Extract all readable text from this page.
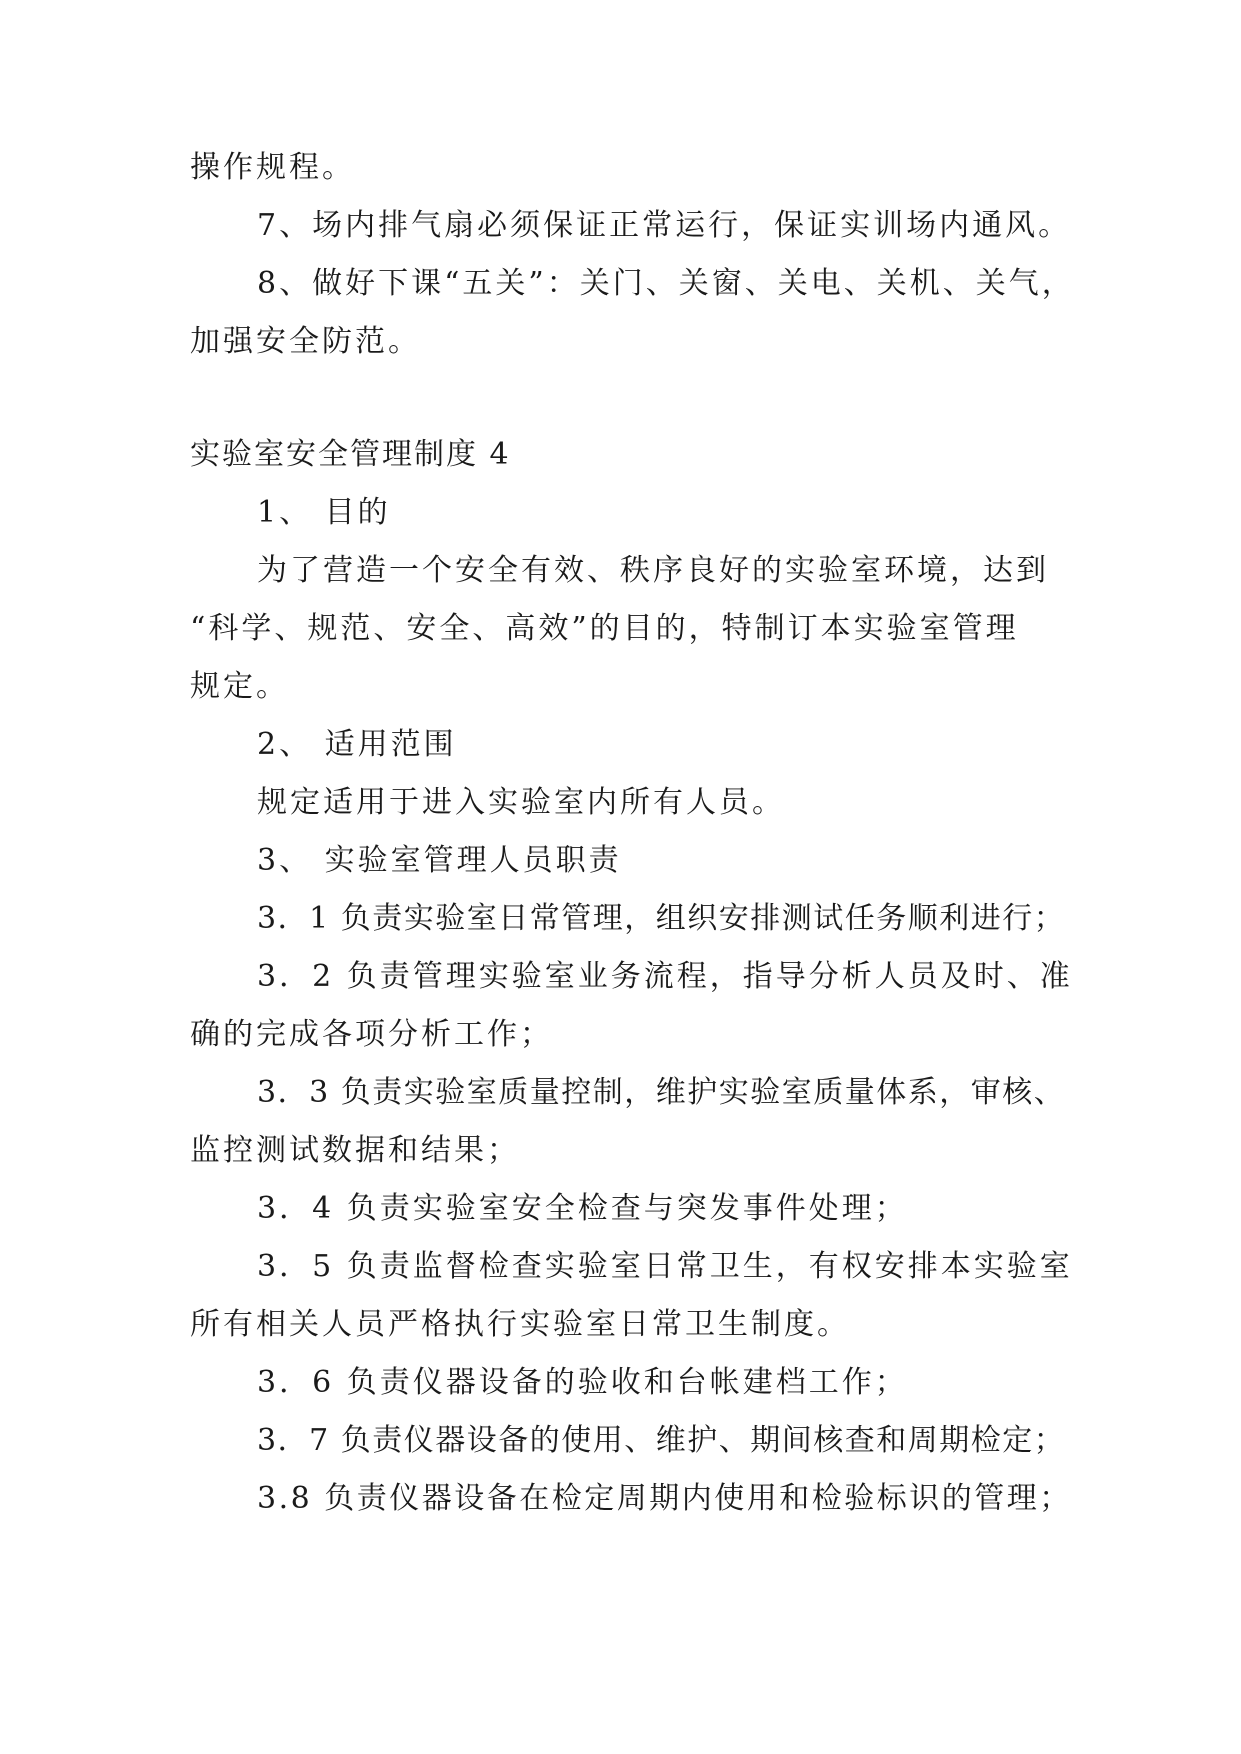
操作规程。
7、场内排气扇必须保证正常运行，保证实训场内通风。
8、做好下课“五关”：关门、关窗、关电、关机、关气，
加强安全防范。
实验室安全管理制度 4
1、 目的
为了营造一个安全有效、秩序良好的实验室环境，达到
“科学、规范、安全、高效”的目的，特制订本实验室管理
规定。
2、 适用范围
规定适用于进入实验室内所有人员。
3、 实验室管理人员职责
3．1 负责实验室日常管理，组织安排测试任务顺利进行；
3．2 负责管理实验室业务流程，指导分析人员及时、准
确的完成各项分析工作；
3．3 负责实验室质量控制，维护实验室质量体系，审核、
监控测试数据和结果；
3．4 负责实验室安全检查与突发事件处理；
3．5 负责监督检查实验室日常卫生，有权安排本实验室
所有相关人员严格执行实验室日常卫生制度。
3．6 负责仪器设备的验收和台帐建档工作；
3．7 负责仪器设备的使用、维护、期间核查和周期检定；
3.8 负责仪器设备在检定周期内使用和检验标识的管理；
